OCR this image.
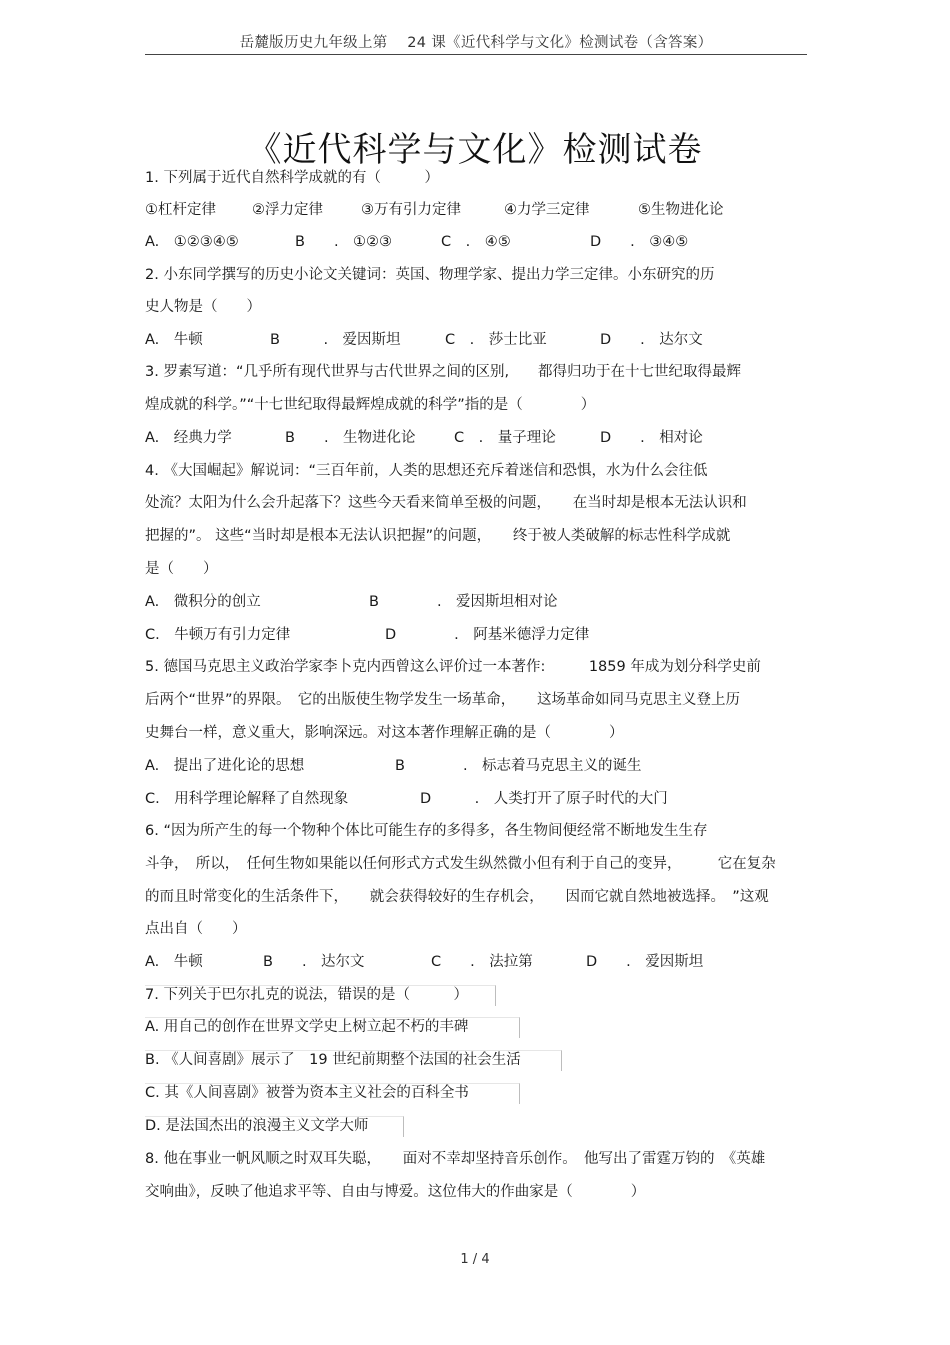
岳麓版历史九年级上第　 24 课《近代科学与文化》检测试卷（含答案）
《近代科学与文化》检测试卷
1. 下列属于近代自然科学成就的有（　　　）
①杠杆定律 ②浮力定律	③万有引力定律	④力学三定律	⑤生物进化论
A.　①②③④⑤	B　　.　①②③	C　.　④⑤	D　　.　③④⑤
2. 小东同学撰写的历史小论文关键词：英国、物理学家、提出力学三定律。小东研究的历
史人物是（　　）
A.　牛顿	B　　　.　爱因斯坦	C　.　莎士比亚	D　　.　达尔文
3. 罗素写道：“几乎所有现代世界与古代世界之间的区别,　　都得归功于在十七世纪取得最辉
煌成就的科学。”“十七世纪取得最辉煌成就的科学”指的是（　　　　）
A.　经典力学	B　　.　生物进化论	C　.　量子理论	D　　.　相对论
4. 《大国崛起》解说词：“三百年前，人类的思想还充斥着迷信和恐惧，水为什么会往低
处流？太阳为什么会升起落下？这些今天看来简单至极的问题，　　在当时却是根本无法认识和
把握的”。 这些“当时却是根本无法认识把握”的问题，　　终于被人类破解的标志性科学成就
是（　　）
A.　微积分的创立	B　　　　.　爱因斯坦相对论
C.　牛顿万有引力定律	D　　　　.　阿基米德浮力定律
5. 德国马克思主义政治学家李卜克内西曾这么评价过一本著作:　　　1859 年成为划分科学史前
后两个“世界”的界限。　它的出版使生物学发生一场革命，　　这场革命如同马克思主义登上历
史舞台一样，意义重大，影响深远。对这本著作理解正确的是（　　　　）
A.　提出了进化论的思想	B　　　　.　标志着马克思主义的诞生
C.　用科学理论解释了自然现象	D　　　.　人类打开了原子时代的大门
6. “因为所产生的每一个物种个体比可能生存的多得多，各生物间便经常不断地发生生存
斗争，　所以，　任何生物如果能以任何形式方式发生纵然微小但有利于自己的变异，　　　它在复杂
的而且时常变化的生活条件下，　　就会获得较好的生存机会，　　因而它就自然地被选择。　”这观
点出自（　　）
A.　牛顿	B　　.　达尔文	C　　.　法拉第	D　　.　爱因斯坦
7. 下列关于巴尔扎克的说法，错误的是（　　　）
A. 用自己的创作在世界文学史上树立起不朽的丰碑
B. 《人间喜剧》展示了　19 世纪前期整个法国的社会生活
C. 其《人间喜剧》被誉为资本主义社会的百科全书
D. 是法国杰出的浪漫主义文学大师
8. 他在事业一帆风顺之时双耳失聪，　　面对不幸却坚持音乐创作。　他写出了雷霆万钧的　《英雄
交响曲》，反映了他追求平等、自由与博爱。这位伟大的作曲家是（　　　　）
1 / 4
